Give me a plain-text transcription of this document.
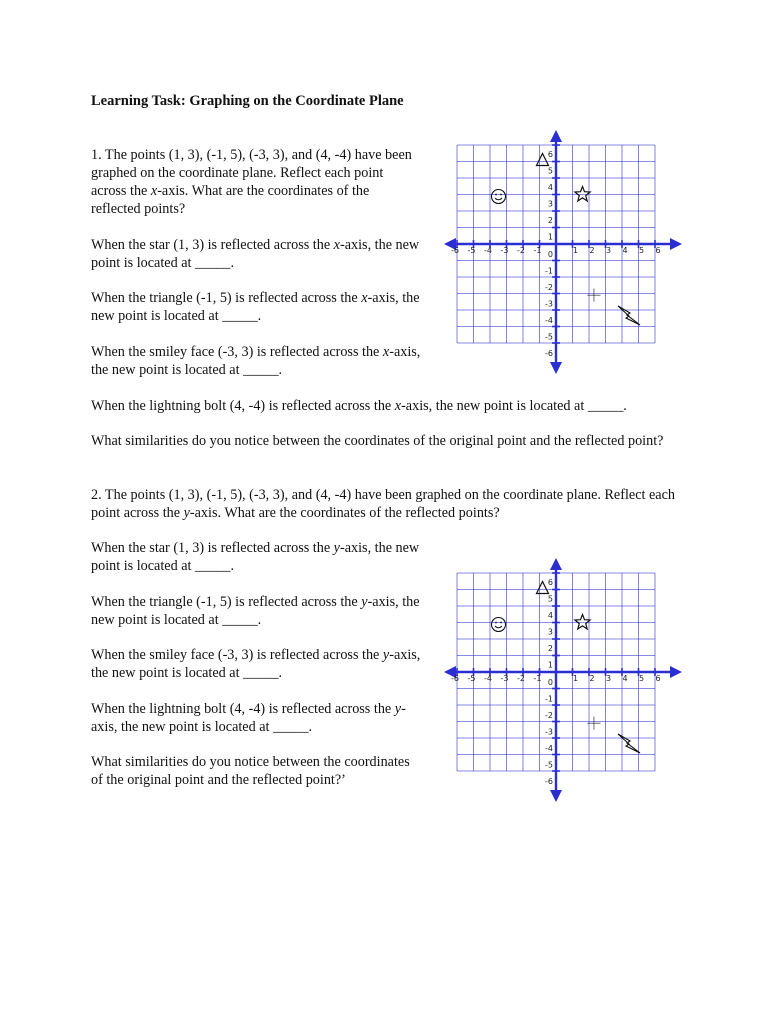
Learning Task: Graphing on the Coordinate Plane

1. The points (1, 3), (-1, 5), (-3, 3), and (4, -4) have been graphed on the coordinate plane. Reflect each point across the x-axis. What are the coordinates of the reflected points?

When the star (1, 3) is reflected across the x-axis, the new point is located at _____.

When the triangle (-1, 5) is reflected across the x-axis, the new point is located at _____.

When the smiley face (-3, 3) is reflected across the x-axis, the new point is located at _____.

When the lightning bolt (4, -4) is reflected across the x-axis, the new point is located at _____.

What similarities do you notice between the coordinates of the original point and the reflected point?

2. The points (1, 3), (-1, 5), (-3, 3), and (4, -4) have been graphed on the coordinate plane. Reflect each point across the y-axis. What are the coordinates of the reflected points?

When the star (1, 3) is reflected across the y-axis, the new point is located at _____.

When the triangle (-1, 5) is reflected across the y-axis, the new point is located at _____.

When the smiley face (-3, 3) is reflected across the y-axis, the new point is located at _____.

When the lightning bolt (4, -4) is reflected across the y-axis, the new point is located at _____.

What similarities do you notice between the coordinates of the original point and the reflected point?’

-6 -5 -4 -3 -2 -1	1 2 3 4 5 6
6
5
4
3
2
1
0
-1
-2
-3
-4
-5
-6
-6 -5 -4 -3 -2 -1	1 2 3 4 5 6
6
5
4
3
2
1
0
-1
-2
-3
-4
-5
-6
